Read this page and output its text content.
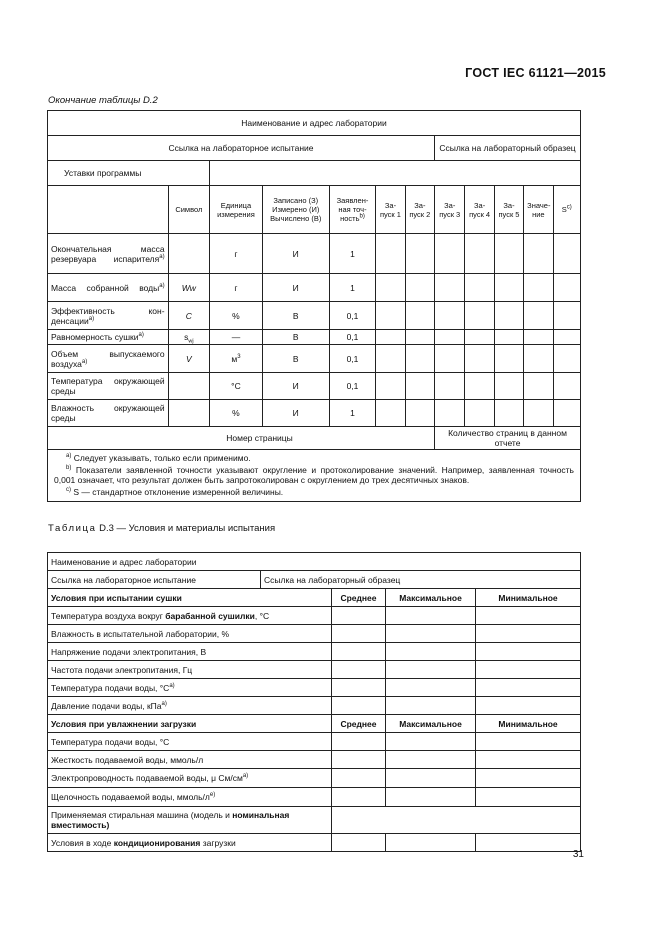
ГОСТ IEC 61121—2015
Окончание таблицы D.2
Наименование и адрес лаборатории											
Ссылка на лабораторное испытание							Ссылка на лабораторный образец				
Уставки программы											
	Символ	Единица измерения	Записано (З) Измерено (И) Вычислено (В)	Заявленная точность$^{b)}$	Запуск 1	Запуск 2	Запуск 3	Запуск 4	Запуск 5	Значение	$S^{c)}$
Окончательная масса резервуара испарителя$^{а)}$		г	И	1							
Масса собранной воды$^{а)}$	Ww	г	И	1							
Эффективность конденсации$^{а)}$	C	%	В	0,1							
Равномерность сушки$^{а)}$	$s_{wj}$	—	В	0,1							
Объем выпускаемого воздуха$^{а)}$	V	$м^3$	В	0,1							
Температура окружающей среды		°C	И	0,1							
Влажность окружающей среды		%	И	1							
Номер страницы							Количество страниц в данном отчете				

$^{а)}$ Следует указывать, только если применимо.

$^{b)}$ Показатели заявленной точности указывают округление и протоколирование значений. Например, заявленная точность 0,001 означает, что результат должен быть запротоколирован с округлением до трех десятичных знаков.

$^{c)}$ S — стандартное отклонение измеренной величины.											

Таблица D.3 — Условия и материалы испытания
Наименование и адрес лаборатории				
Ссылка на лабораторное испытание	Ссылка на лабораторный образец			
Условия при испытании сушки		Среднее	Максимальное	Минимальное
Температура воздуха вокруг барабанной сушилки, °C				
Влажность в испытательной лаборатории, %				
Напряжение подачи электропитания, В				
Частота подачи электропитания, Гц				
Температура подачи воды, $^\circ C^{а)}$			
Давление подачи воды, кПа$^{а)}$			
Условия при увлажнении загрузки		Среднее	Максимальное	Минимальное
Температура подачи воды, °C				
Жесткость подаваемой воды, ммоль/л				
Электропроводность подаваемой воды, μ $См/см^{а)}$			
Щелочность подаваемой воды, ммоль/$л^{е)}$			
Применяемая стиральная машина (модель и номинальная вместимость)				
Условия в ходе кондиционирования загрузки				
31
